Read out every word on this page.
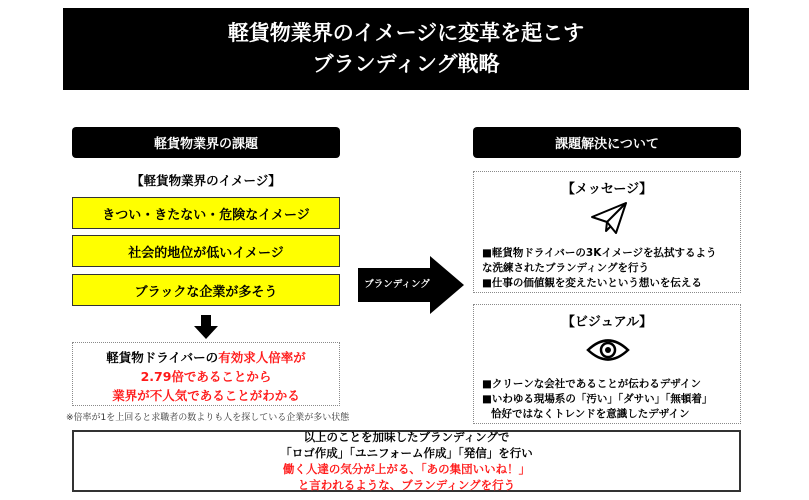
軽貨物業界のイメージに変革を起こす
ブランディング戦略
軽貨物業界の課題
【軽貨物業界のイメージ】
きつい・きたない・危険なイメージ
社会的地位が低いイメージ
ブラックな企業が多そう
軽貨物ドライバーの有効求人倍率が
2.79倍であることから
業界が不人気であることがわかる
※倍率が1を上回ると求職者の数よりも人を探している企業が多い状態
ブランディング
課題解決について
【メッセージ】
■軽貨物ドライバーの3Kイメージを払拭するよう
な洗練されたブランディングを行う
■仕事の価値観を変えたいという想いを伝える
【ビジュアル】
■クリーンな会社であることが伝わるデザイン
■いわゆる現場系の「汚い」「ダサい」「無頓着」
恰好ではなくトレンドを意識したデザイン
以上のことを加味したブランディングで
「ロゴ作成」「ユニフォーム作成」「発信」を行い
働く人達の気分が上がる、「あの集団いいね！」
と言われるような、ブランディングを行う
